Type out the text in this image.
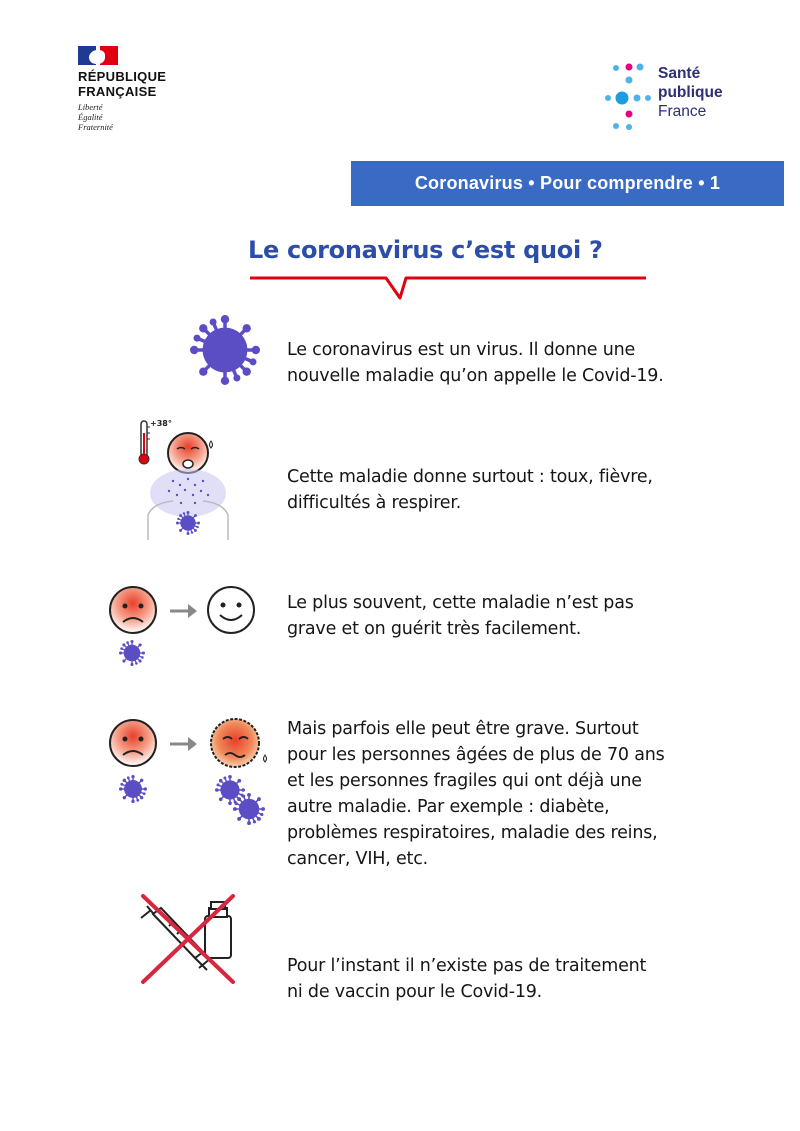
RÉPUBLIQUE
FRANÇAISE
Liberté
Égalité
Fraternité
Santé
publique
France
Coronavirus • Pour comprendre • 1
Le coronavirus c’est quoi ?

Le coronavirus est un virus. Il donne une

nouvelle maladie qu’on appelle le Covid-19.

+38°

Cette maladie donne surtout : toux, fièvre,

difficultés à respirer.

Le plus souvent, cette maladie n’est pas

grave et on guérit très facilement.

Mais parfois elle peut être grave. Surtout

pour les personnes âgées de plus de 70 ans

et les personnes fragiles qui ont déjà une

autre maladie. Par exemple : diabète,

problèmes respiratoires, maladie des reins,

cancer, VIH, etc.

Pour l’instant il n’existe pas de traitement

ni de vaccin pour le Covid-19.
